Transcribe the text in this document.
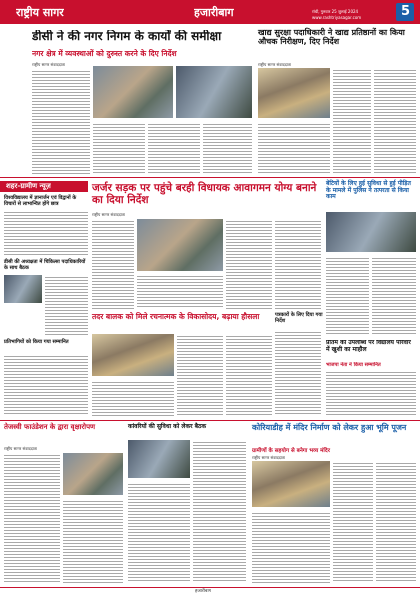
राष्ट्रीय सागर	हजारीबाग	रांची, गुरुवार 25 जुलाई 2024
www.rashtriyasagar.com	5
डीसी ने की नगर निगम के कार्यों की समीक्षा
नगर क्षेत्र में व्यवस्थाओं को दुरुस्त करने के दिए निर्देश
राष्ट्रीय सागर संवाददाता
खाद्य सुरक्षा पदाधिकारी ने खाद्य प्रतिष्ठानों का किया औचक निरीक्षण, दिए निर्देश
राष्ट्रीय सागर संवाददाता
शहर-ग्रामीण न्यूज़
विश्वविद्यालय में ज्ञानार्जन एवं विद्वानों के विचारों से लाभान्वित होंगे छात्र
डीसी की अध्यक्षता में चिकित्सा पदाधिकारियों के साथ बैठक
प्रतिभागियों को किया गया सम्मानित
जर्जर सड़क पर पहुंचे बरही विधायक आवागमन योग्य बनाने का दिया निर्देश
राष्ट्रीय सागर संवाददाता
तदर बालक को मिले रचनात्मक के विकासोदय, बढ़ाया हौसला
बेटियों के लिए हुई सुविधा से हुई पीड़ित के मामले में पुलिस ने तत्परता से किया काम
पत्रकारों के लिए दिया गया निर्देश
प्रीतम की उपलब्धि पर विद्यालय परिवार में खुशी का माहौल
भाजपा नेता ने किया सम्मानित
तेजस्वी फाउंडेशन के द्वारा वृक्षारोपण
राष्ट्रीय सागर संवाददाता
कांवरियों की सुविधा को लेकर बैठक	कोरियाडीह में मंदिर निर्माण को लेकर हुआ भूमि पूजन
ग्रामीणों के सहयोग से बनेगा भव्य मंदिर
राष्ट्रीय सागर संवाददाता
हजारीबाग
